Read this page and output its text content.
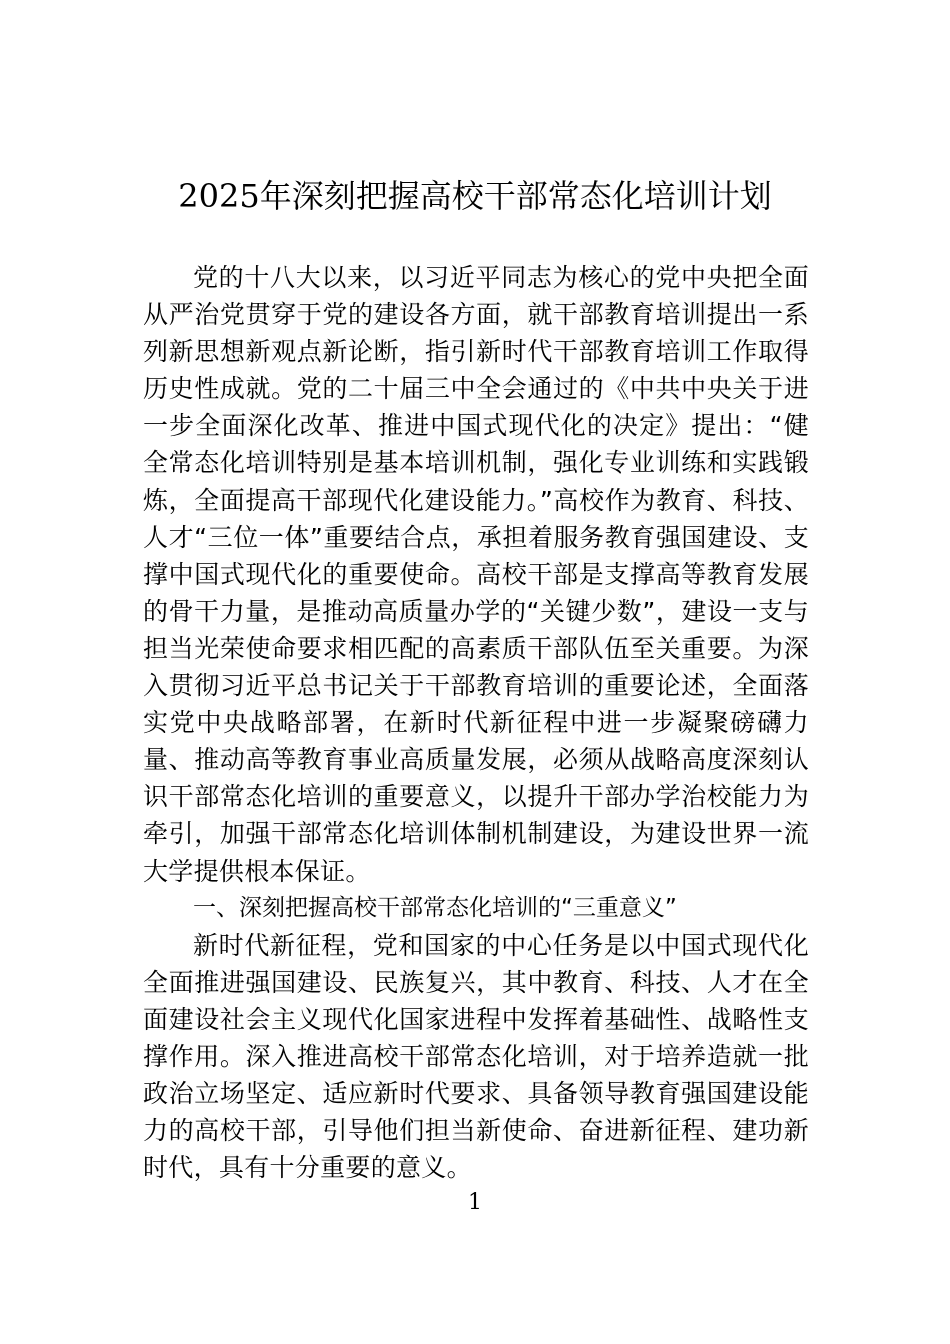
2025年深刻把握高校干部常态化培训计划

党的十八大以来，以习近平同志为核心的党中央把全面从严治党贯穿于党的建设各方面，就干部教育培训提出一系列新思想新观点新论断，指引新时代干部教育培训工作取得历史性成就。党的二十届三中全会通过的《中共中央关于进一步全面深化改革、推进中国式现代化的决定》提出：“健全常态化培训特别是基本培训机制，强化专业训练和实践锻炼，全面提高干部现代化建设能力。”高校作为教育、科技、人才“三位一体”重要结合点，承担着服务教育强国建设、支撑中国式现代化的重要使命。高校干部是支撑高等教育发展的骨干力量，是推动高质量办学的“关键少数”，建设一支与担当光荣使命要求相匹配的高素质干部队伍至关重要。为深入贯彻习近平总书记关于干部教育培训的重要论述，全面落实党中央战略部署，在新时代新征程中进一步凝聚磅礴力量、推动高等教育事业高质量发展，必须从战略高度深刻认识干部常态化培训的重要意义，以提升干部办学治校能力为牵引，加强干部常态化培训体制机制建设，为建设世界一流大学提供根本保证。

一、深刻把握高校干部常态化培训的“三重意义”

新时代新征程，党和国家的中心任务是以中国式现代化全面推进强国建设、民族复兴，其中教育、科技、人才在全面建设社会主义现代化国家进程中发挥着基础性、战略性支撑作用。深入推进高校干部常态化培训，对于培养造就一批政治立场坚定、适应新时代要求、具备领导教育强国建设能力的高校干部，引导他们担当新使命、奋进新征程、建功新时代，具有十分重要的意义。

1
